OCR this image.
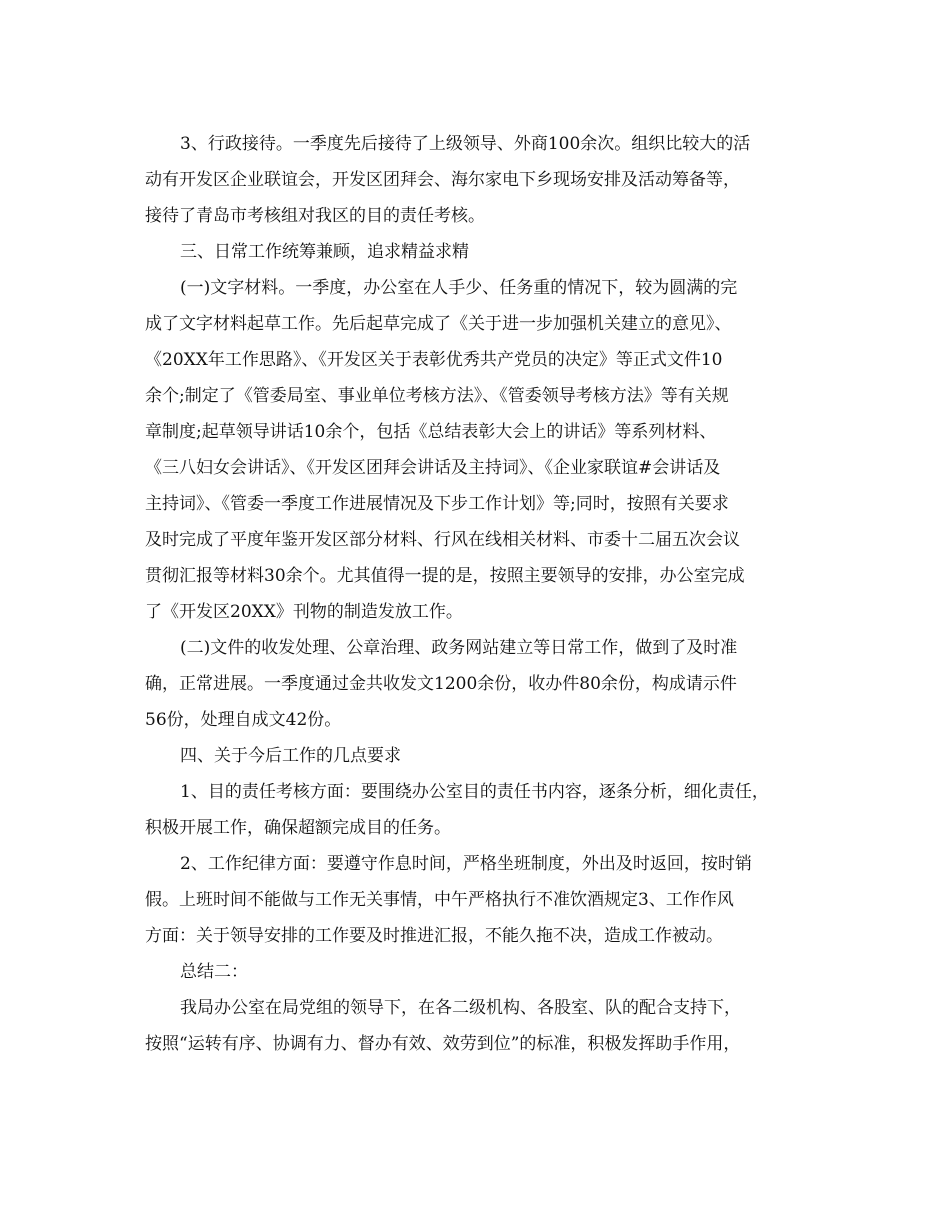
3、行政接待。一季度先后接待了上级领导、外商100余次。组织比较大的活
动有开发区企业联谊会，开发区团拜会、海尔家电下乡现场安排及活动筹备等，
接待了青岛市考核组对我区的目的责任考核。
三、日常工作统筹兼顾，追求精益求精
(一)文字材料。一季度，办公室在人手少、任务重的情况下，较为圆满的完
成了文字材料起草工作。先后起草完成了《关于进一步加强机关建立的意见》、
《20XX年工作思路》、《开发区关于表彰优秀共产党员的决定》等正式文件10
余个;制定了《管委局室、事业单位考核方法》、《管委领导考核方法》等有关规
章制度;起草领导讲话10余个，包括《总结表彰大会上的讲话》等系列材料、
《三八妇女会讲话》、《开发区团拜会讲话及主持词》、《企业家联谊#会讲话及
主持词》、《管委一季度工作进展情况及下步工作计划》等;同时，按照有关要求
及时完成了平度年鉴开发区部分材料、行风在线相关材料、市委十二届五次会议
贯彻汇报等材料30余个。尤其值得一提的是，按照主要领导的安排，办公室完成
了《开发区20XX》刊物的制造发放工作。
(二)文件的收发处理、公章治理、政务网站建立等日常工作，做到了及时准
确，正常进展。一季度通过金共收发文1200余份，收办件80余份，构成请示件
56份，处理自成文42份。
四、关于今后工作的几点要求
1、目的责任考核方面：要围绕办公室目的责任书内容，逐条分析，细化责任，
积极开展工作，确保超额完成目的任务。
2、工作纪律方面：要遵守作息时间，严格坐班制度，外出及时返回，按时销
假。上班时间不能做与工作无关事情，中午严格执行不准饮酒规定3、工作作风
方面：关于领导安排的工作要及时推进汇报，不能久拖不决，造成工作被动。
总结二：
我局办公室在局党组的领导下，在各二级机构、各股室、队的配合支持下，
按照“运转有序、协调有力、督办有效、效劳到位”的标准，积极发挥助手作用，
